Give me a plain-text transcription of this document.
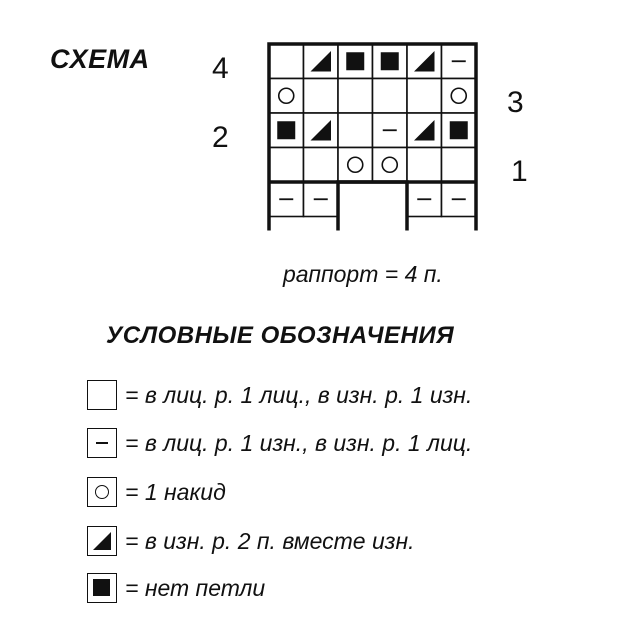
СХЕМА 4
3
2
1
раппорт = 4 п.
УСЛОВНЫЕ ОБОЗНАЧЕНИЯ
= в лиц. р. 1 лиц., в изн. р. 1 изн.
= в лиц. р. 1 изн., в изн. р. 1 лиц.
= 1 накид
= в изн. р. 2 п. вместе изн.
= нет петли
